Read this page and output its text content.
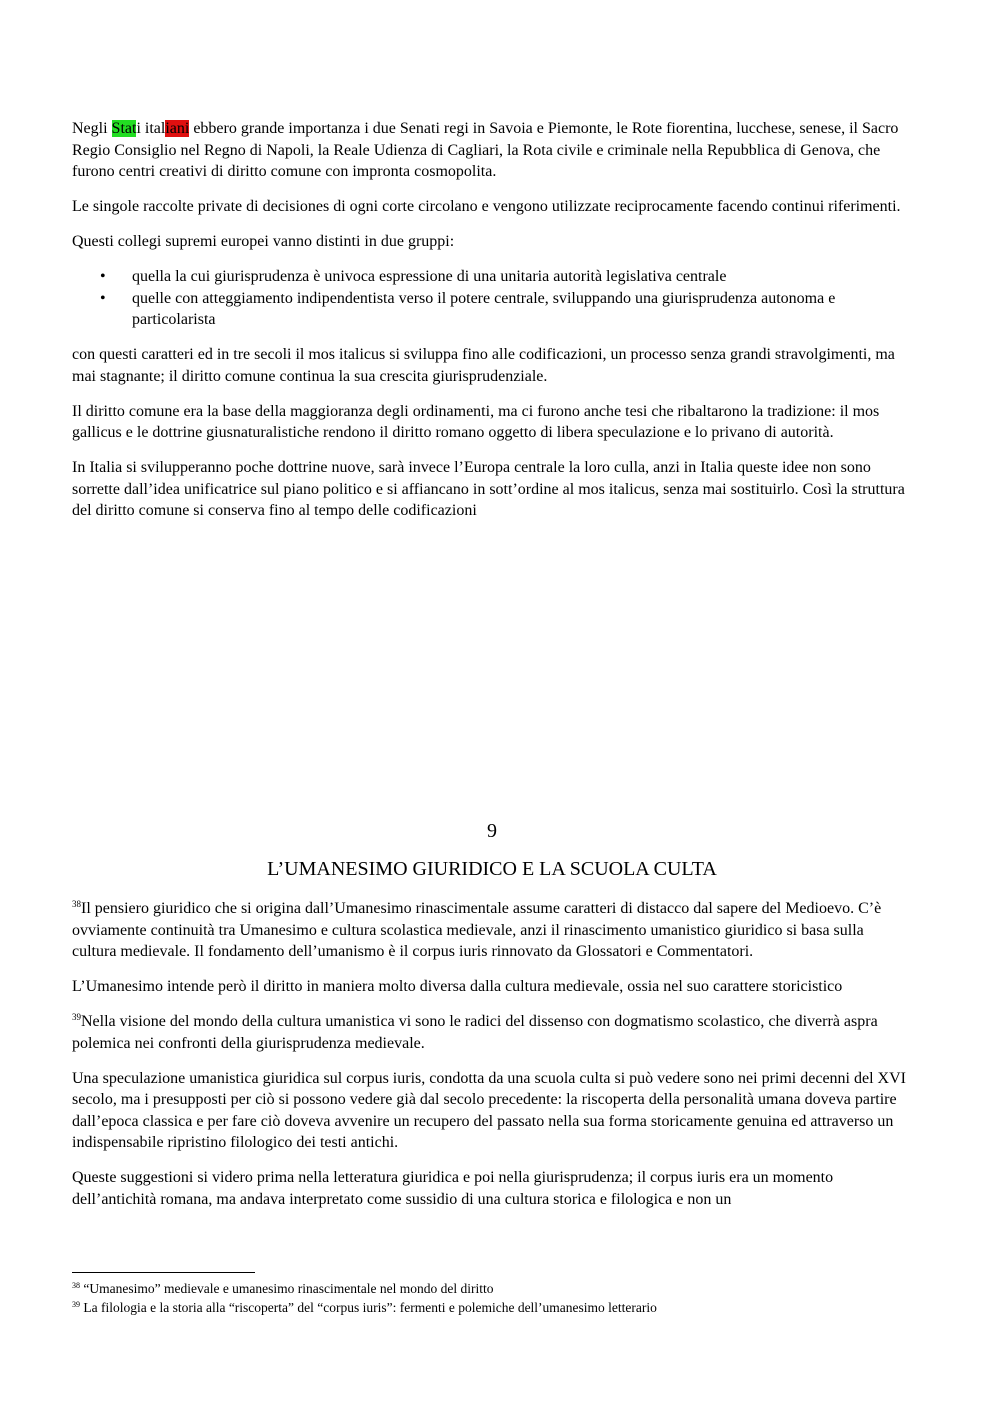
Negli Stati italiani ebbero grande importanza i due Senati regi in Savoia e Piemonte, le Rote fiorentina, lucchese, senese, il Sacro Regio Consiglio nel Regno di Napoli, la Reale Udienza di Cagliari, la Rota civile e criminale nella Repubblica di Genova, che furono centri creativi di diritto comune con impronta cosmopolita.

Le singole raccolte private di decisiones di ogni corte circolano e vengono utilizzate reciprocamente facendo continui riferimenti.

Questi collegi supremi europei vanno distinti in due gruppi:

• quella la cui giurisprudenza è univoca espressione di una unitaria autorità legislativa centrale
• quelle con atteggiamento indipendentista verso il potere centrale, sviluppando una giurisprudenza autonoma e particolarista

con questi caratteri ed in tre secoli il mos italicus si sviluppa fino alle codificazioni, un processo senza grandi stravolgimenti, ma mai stagnante; il diritto comune continua la sua crescita giurisprudenziale.

Il diritto comune era la base della maggioranza degli ordinamenti, ma ci furono anche tesi che ribaltarono la tradizione: il mos gallicus e le dottrine giusnaturalistiche rendono il diritto romano oggetto di libera speculazione e lo privano di autorità.

In Italia si svilupperanno poche dottrine nuove, sarà invece l’Europa centrale la loro culla, anzi in Italia queste idee non sono sorrette dall’idea unificatrice sul piano politico e si affiancano in sott’ordine al mos italicus, senza mai sostituirlo. Così la struttura del diritto comune si conserva fino al tempo delle codificazioni

9
L’UMANESIMO GIURIDICO E LA SCUOLA CULTA

$^{38}$Il pensiero giuridico che si origina dall’Umanesimo rinascimentale assume caratteri di distacco dal sapere del Medioevo. C’è ovviamente continuità tra Umanesimo e cultura scolastica medievale, anzi il rinascimento umanistico giuridico si basa sulla cultura medievale. Il fondamento dell’umanismo è il corpus iuris rinnovato da Glossatori e Commentatori.

L’Umanesimo intende però il diritto in maniera molto diversa dalla cultura medievale, ossia nel suo carattere storicistico

$^{39}$Nella visione del mondo della cultura umanistica vi sono le radici del dissenso con dogmatismo scolastico, che diverrà aspra polemica nei confronti della giurisprudenza medievale.

Una speculazione umanistica giuridica sul corpus iuris, condotta da una scuola culta si può vedere sono nei primi decenni del XVI secolo, ma i presupposti per ciò si possono vedere già dal secolo precedente: la riscoperta della personalità umana doveva partire dall’epoca classica e per fare ciò doveva avvenire un recupero del passato nella sua forma storicamente genuina ed attraverso un indispensabile ripristino filologico dei testi antichi.

Queste suggestioni si videro prima nella letteratura giuridica e poi nella giurisprudenza; il corpus iuris era un momento dell’antichità romana, ma andava interpretato come sussidio di una cultura storica e filologica e non un

$^{38}$ “Umanesimo” medievale e umanesimo rinascimentale nel mondo del diritto

$^{39}$ La filologia e la storia alla “riscoperta” del “corpus iuris”: fermenti e polemiche dell’umanesimo letterario
